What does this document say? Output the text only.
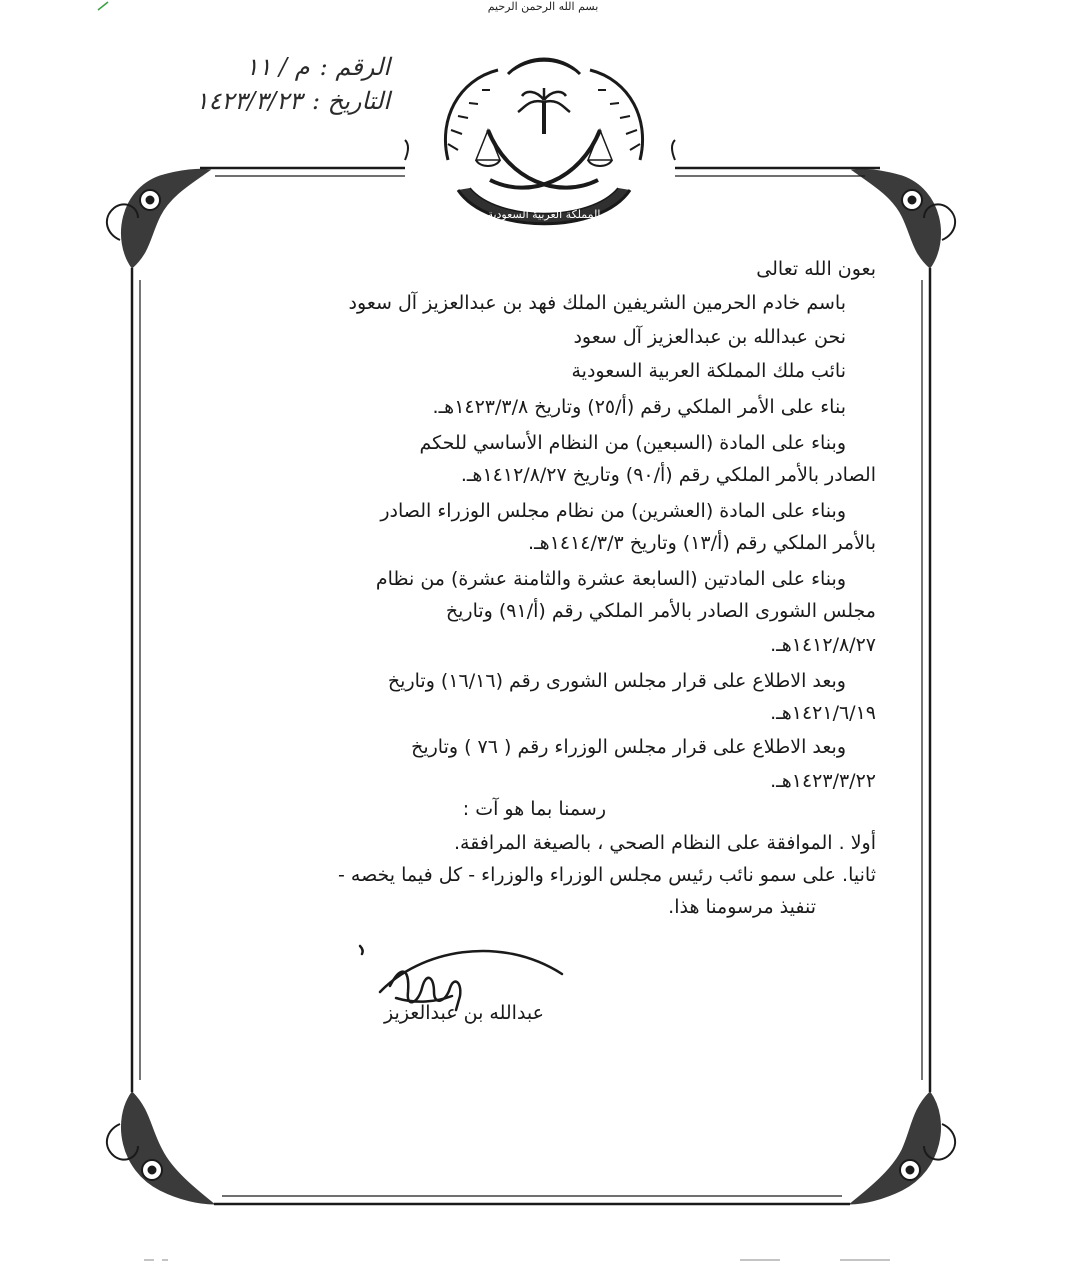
بسم الله الرحمن الرحيم
المملكة العربية السعودية
الرقم :
م / ١١
التاريخ :
١٤٢٣/٣/٢٣
بعون الله تعالى
باسم خادم الحرمين الشريفين الملك فهد بن عبدالعزيز آل سعود
نحن عبدالله بن عبدالعزيز آل سعود
نائب ملك المملكة العربية السعودية
بناء على الأمر الملكي رقم (أ/٢٥) وتاريخ ١٤٢٣/٣/٨هـ.
وبناء على المادة (السبعين) من النظام الأساسي للحكم
الصادر بالأمر الملكي رقم (أ/٩٠) وتاريخ ١٤١٢/٨/٢٧هـ.
وبناء على المادة (العشرين) من نظام مجلس الوزراء الصادر
بالأمر الملكي رقم (أ/١٣) وتاريخ ١٤١٤/٣/٣هـ.
وبناء على المادتين (السابعة عشرة والثامنة عشرة) من نظام
مجلس الشورى الصادر بالأمر الملكي رقم (أ/٩١) وتاريخ
١٤١٢/٨/٢٧هـ.
وبعد الاطلاع على قرار مجلس الشورى رقم (١٦/١٦) وتاريخ
١٤٢١/٦/١٩هـ.
وبعد الاطلاع على قرار مجلس الوزراء رقم ( ٧٦ ) وتاريخ
١٤٢٣/٣/٢٢هـ.
رسمنا بما هو آت :
أولا . الموافقة على النظام الصحي ، بالصيغة المرافقة.
ثانيا. على سمو نائب رئيس مجلس الوزراء والوزراء - كل فيما يخصه -
تنفيذ مرسومنا هذا.
عبدالله بن عبدالعزيز
